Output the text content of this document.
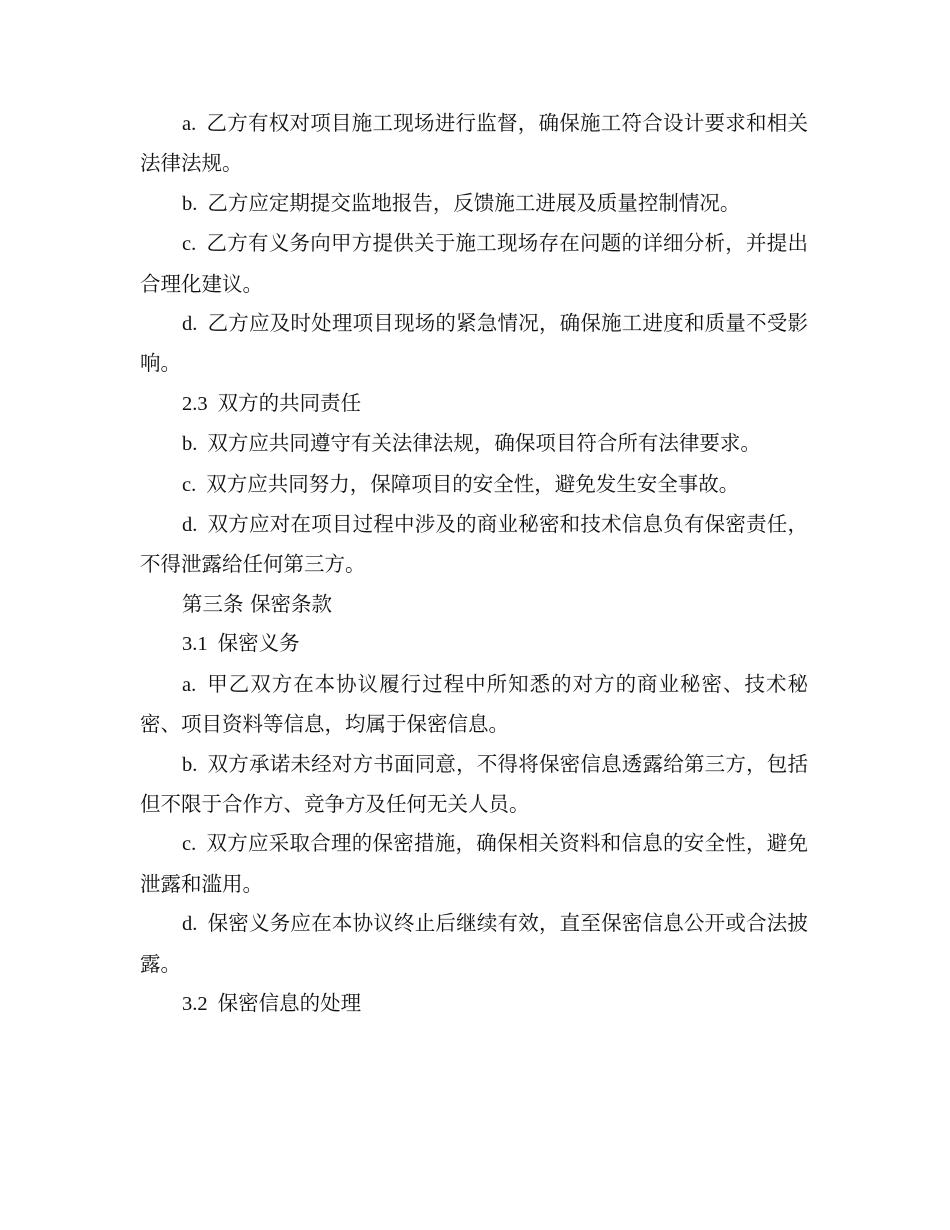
a. 乙方有权对项目施工现场进行监督，确保施工符合设计要求和相关法律法规。

b. 乙方应定期提交监地报告，反馈施工进展及质量控制情况。

c. 乙方有义务向甲方提供关于施工现场存在问题的详细分析，并提出合理化建议。

d. 乙方应及时处理项目现场的紧急情况，确保施工进度和质量不受影响。

2.3 双方的共同责任

b. 双方应共同遵守有关法律法规，确保项目符合所有法律要求。

c. 双方应共同努力，保障项目的安全性，避免发生安全事故。

d. 双方应对在项目过程中涉及的商业秘密和技术信息负有保密责任，不得泄露给任何第三方。

第三条 保密条款

3.1 保密义务

a. 甲乙双方在本协议履行过程中所知悉的对方的商业秘密、技术秘密、项目资料等信息，均属于保密信息。

b. 双方承诺未经对方书面同意，不得将保密信息透露给第三方，包括但不限于合作方、竞争方及任何无关人员。

c. 双方应采取合理的保密措施，确保相关资料和信息的安全性，避免泄露和滥用。

d. 保密义务应在本协议终止后继续有效，直至保密信息公开或合法披露。

3.2 保密信息的处理
